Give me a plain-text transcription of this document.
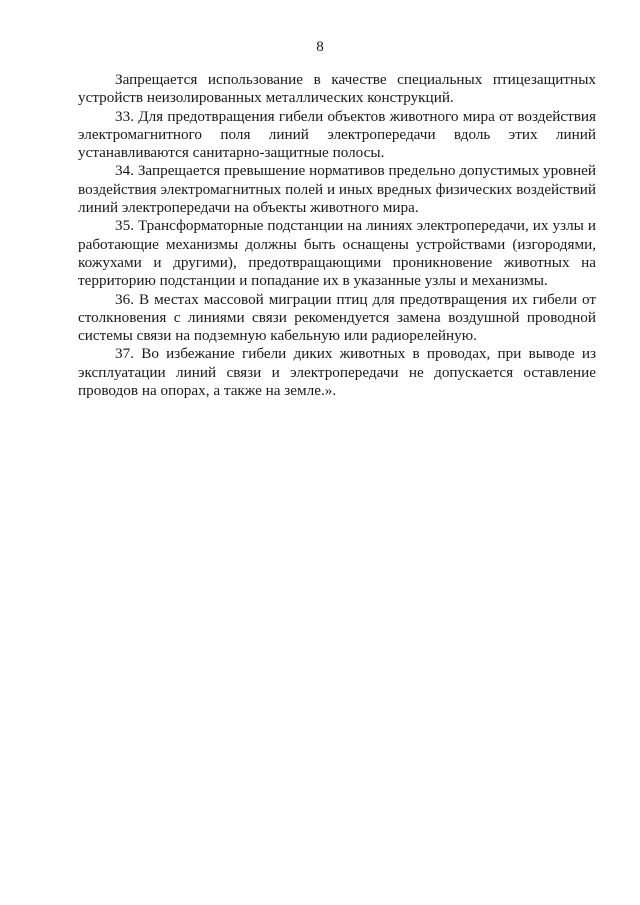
8

Запрещается использование в качестве специальных птицезащитных устройств неизолированных металлических конструкций.

33. Для предотвращения гибели объектов животного мира от воздействия электромагнитного поля линий электропередачи вдоль этих линий устанавливаются санитарно-защитные полосы.

34. Запрещается превышение нормативов предельно допустимых уровней воздействия электромагнитных полей и иных вредных физических воздействий линий электропередачи на объекты животного мира.

35. Трансформаторные подстанции на линиях электропередачи, их узлы и работающие механизмы должны быть оснащены устройствами (изгородями, кожухами и другими), предотвращающими проникновение животных на территорию подстанции и попадание их в указанные узлы и механизмы.

36. В местах массовой миграции птиц для предотвращения их гибели от столкновения с линиями связи рекомендуется замена воздушной проводной системы связи на подземную кабельную или радиорелейную.

37. Во избежание гибели диких животных в проводах, при выводе из эксплуатации линий связи и электропередачи не допускается оставление проводов на опорах, а также на земле.».
